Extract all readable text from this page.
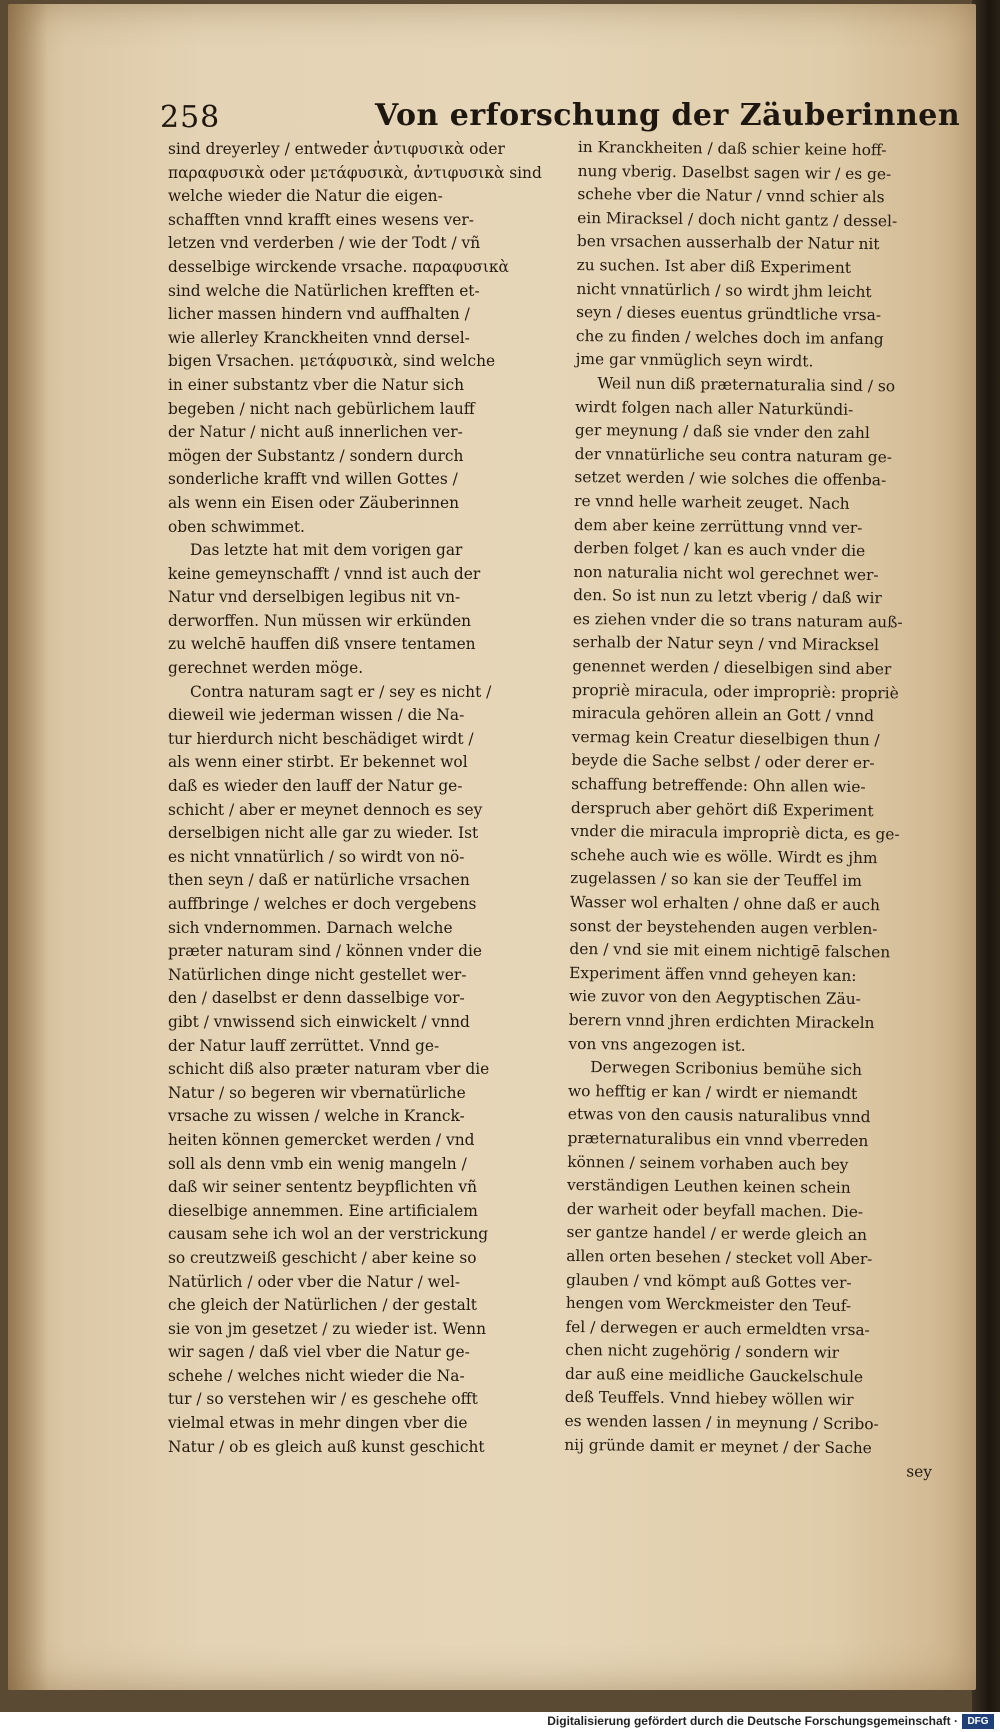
258	Von erforschung der Zäuberinnen
sind dreyerley / entweder ἀντιφυσικὰ oder
παραφυσικὰ oder μετάφυσικὰ, ἀντιφυσικὰ sind
welche wieder die Natur die eigen-
schafften vnnd krafft eines wesens ver-
letzen vnd verderben / wie der Todt / vñ
desselbige wirckende vrsache. παραφυσικὰ
sind welche die Natürlichen krefften et-
licher massen hindern vnd auffhalten /
wie allerley Kranckheiten vnnd dersel-
bigen Vrsachen. μετάφυσικὰ, sind welche
in einer substantz vber die Natur sich
begeben / nicht nach gebürlichem lauff
der Natur / nicht auß innerlichen ver-
mögen der Substantz / sondern durch
sonderliche krafft vnd willen Gottes /
als wenn ein Eisen oder Zäuberinnen
oben schwimmet.
Das letzte hat mit dem vorigen gar
keine gemeynschafft / vnnd ist auch der
Natur vnd derselbigen legibus nit vn-
derworffen. Nun müssen wir erkünden
zu welchē hauffen diß vnsere tentamen
gerechnet werden möge.
Contra naturam sagt er / sey es nicht /
dieweil wie jederman wissen / die Na-
tur hierdurch nicht beschädiget wirdt /
als wenn einer stirbt. Er bekennet wol
daß es wieder den lauff der Natur ge-
schicht / aber er meynet dennoch es sey
derselbigen nicht alle gar zu wieder. Ist
es nicht vnnatürlich / so wirdt von nö-
then seyn / daß er natürliche vrsachen
auffbringe / welches er doch vergebens
sich vndernommen. Darnach welche
præter naturam sind / können vnder die
Natürlichen dinge nicht gestellet wer-
den / daselbst er denn dasselbige vor-
gibt / vnwissend sich einwickelt / vnnd
der Natur lauff zerrüttet. Vnnd ge-
schicht diß also præter naturam vber die
Natur / so begeren wir vbernatürliche
vrsache zu wissen / welche in Kranck-
heiten können gemercket werden / vnd
soll als denn vmb ein wenig mangeln /
daß wir seiner sententz beypflichten vñ
dieselbige annemmen. Eine artificialem
causam sehe ich wol an der verstrickung
so creutzweiß geschicht / aber keine so
Natürlich / oder vber die Natur / wel-
che gleich der Natürlichen / der gestalt
sie von jm gesetzet / zu wieder ist. Wenn
wir sagen / daß viel vber die Natur ge-
schehe / welches nicht wieder die Na-
tur / so verstehen wir / es geschehe offt
vielmal etwas in mehr dingen vber die
Natur / ob es gleich auß kunst geschicht
in Kranckheiten / daß schier keine hoff-
nung vberig. Daselbst sagen wir / es ge-
schehe vber die Natur / vnnd schier als
ein Miracksel / doch nicht gantz / dessel-
ben vrsachen ausserhalb der Natur nit
zu suchen. Ist aber diß Experiment
nicht vnnatürlich / so wirdt jhm leicht
seyn / dieses euentus gründtliche vrsa-
che zu finden / welches doch im anfang
jme gar vnmüglich seyn wirdt.
Weil nun diß præternaturalia sind / so
wirdt folgen nach aller Naturkündi-
ger meynung / daß sie vnder den zahl
der vnnatürliche seu contra naturam ge-
setzet werden / wie solches die offenba-
re vnnd helle warheit zeuget. Nach
dem aber keine zerrüttung vnnd ver-
derben folget / kan es auch vnder die
non naturalia nicht wol gerechnet wer-
den. So ist nun zu letzt vberig / daß wir
es ziehen vnder die so trans naturam auß-
serhalb der Natur seyn / vnd Miracksel
genennet werden / dieselbigen sind aber
propriè miracula, oder impropriè: propriè
miracula gehören allein an Gott / vnnd
vermag kein Creatur dieselbigen thun /
beyde die Sache selbst / oder derer er-
schaffung betreffende: Ohn allen wie-
derspruch aber gehört diß Experiment
vnder die miracula impropriè dicta, es ge-
schehe auch wie es wölle. Wirdt es jhm
zugelassen / so kan sie der Teuffel im
Wasser wol erhalten / ohne daß er auch
sonst der beystehenden augen verblen-
den / vnd sie mit einem nichtigē falschen
Experiment äffen vnnd geheyen kan:
wie zuvor von den Aegyptischen Zäu-
berern vnnd jhren erdichten Mirackeln
von vns angezogen ist.
Derwegen Scribonius bemühe sich
wo hefftig er kan / wirdt er niemandt
etwas von den causis naturalibus vnnd
præternaturalibus ein vnnd vberreden
können / seinem vorhaben auch bey
verständigen Leuthen keinen schein
der warheit oder beyfall machen. Die-
ser gantze handel / er werde gleich an
allen orten besehen / stecket voll Aber-
glauben / vnd kömpt auß Gottes ver-
hengen vom Werckmeister den Teuf-
fel / derwegen er auch ermeldten vrsa-
chen nicht zugehörig / sondern wir
dar auß eine meidliche Gauckelschule
deß Teuffels. Vnnd hiebey wöllen wir
es wenden lassen / in meynung / Scribo-
nij gründe damit er meynet / der Sache
sey
Digitalisierung gefördert durch die Deutsche Forschungsgemeinschaft · DFG
